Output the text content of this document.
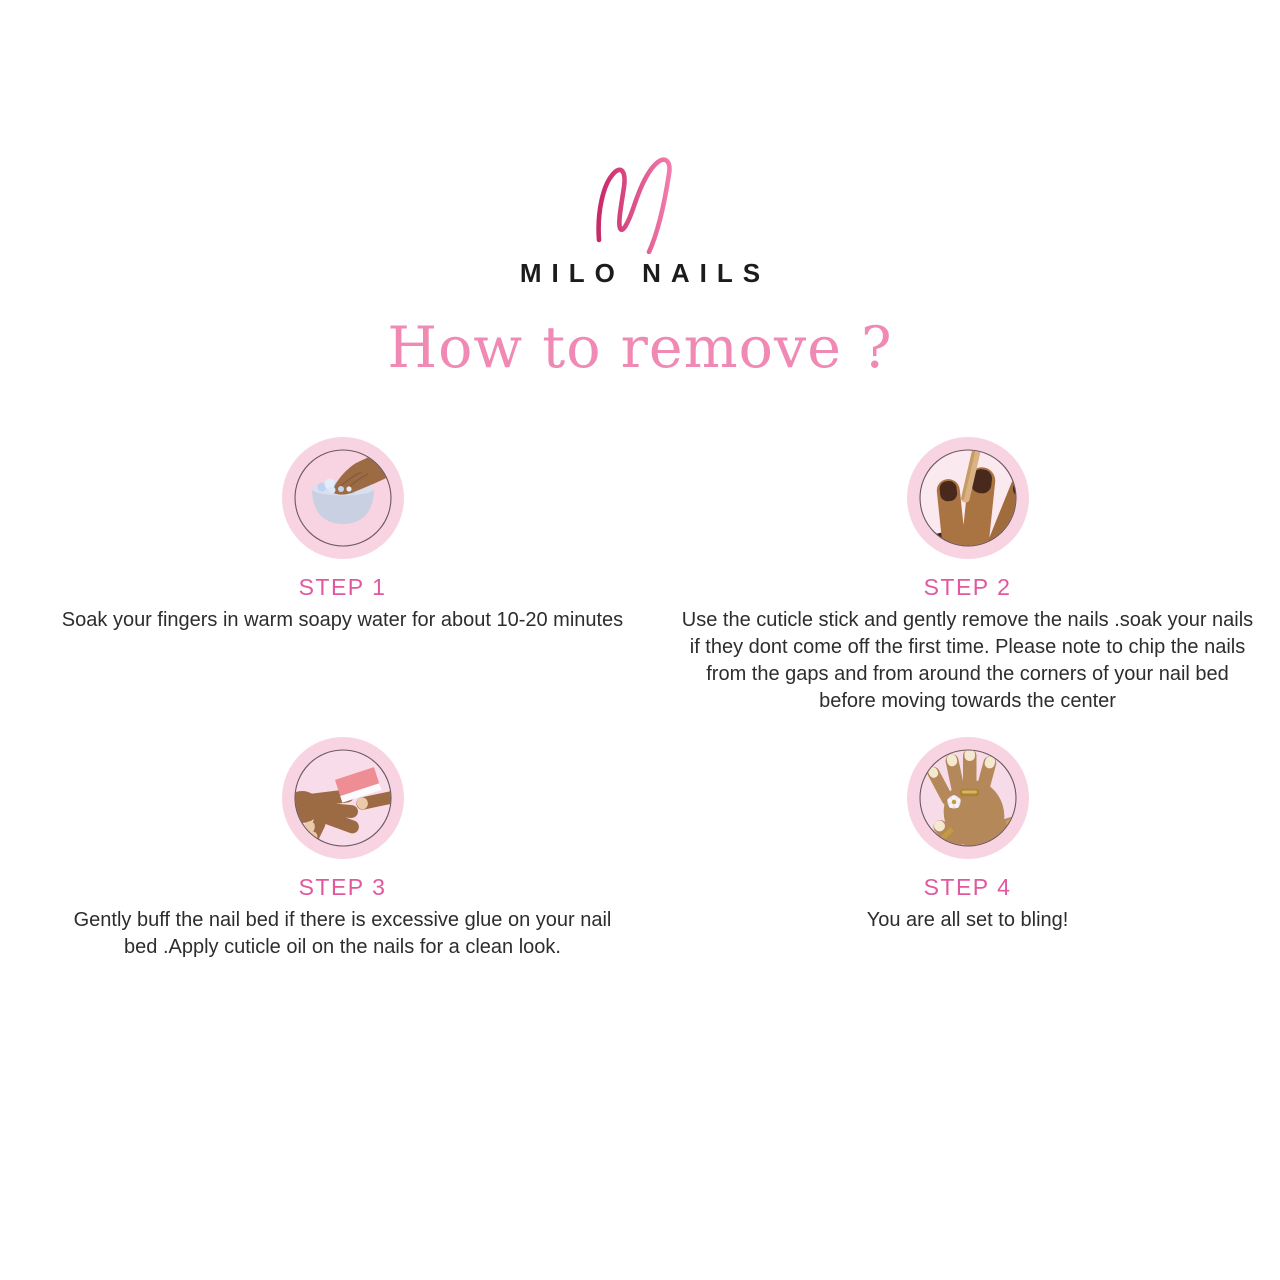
MILO NAILS
How to remove ?
STEP 1

Soak your fingers in warm soapy water for about 10-20 minutes

STEP 2

Use the cuticle stick and gently remove the nails .soak your nails if they dont come off the first time. Please note to chip the nails from the gaps and from around the corners of your nail bed before moving towards the center

STEP 3

Gently buff the nail bed if there is excessive glue on your nail bed .Apply cuticle oil on the nails for a clean look.

STEP 4

You are all set to bling!
